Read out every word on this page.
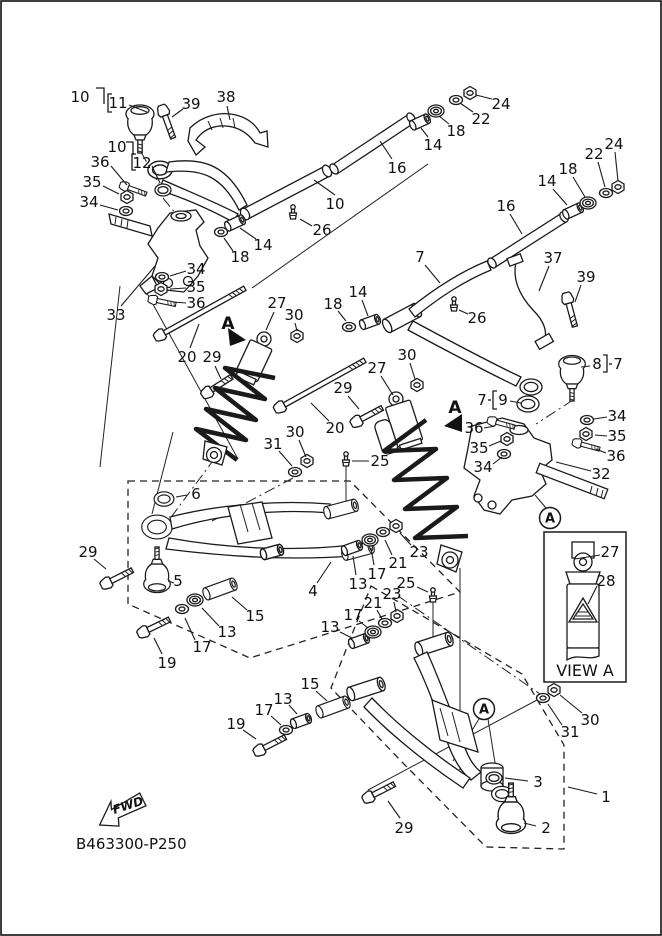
VIEW A
FWD
B463300-P250
10 11	39 38
10
12
36
35
34
14
18
34
35
36
33
20 29
10
26
16
14
18
22
24
24
22
18
14
16
7	37
39
26
27
30
14
18
27
30
29
20
25
30
31
A
A
8 7
7 9
36
35
34
34
35
36
32
A
6
29
5
4
15
13
17
19
13
17
21
23
13
17
21 23
25
15
13
17
19	30
31
A
3
1
2
29
27
28
